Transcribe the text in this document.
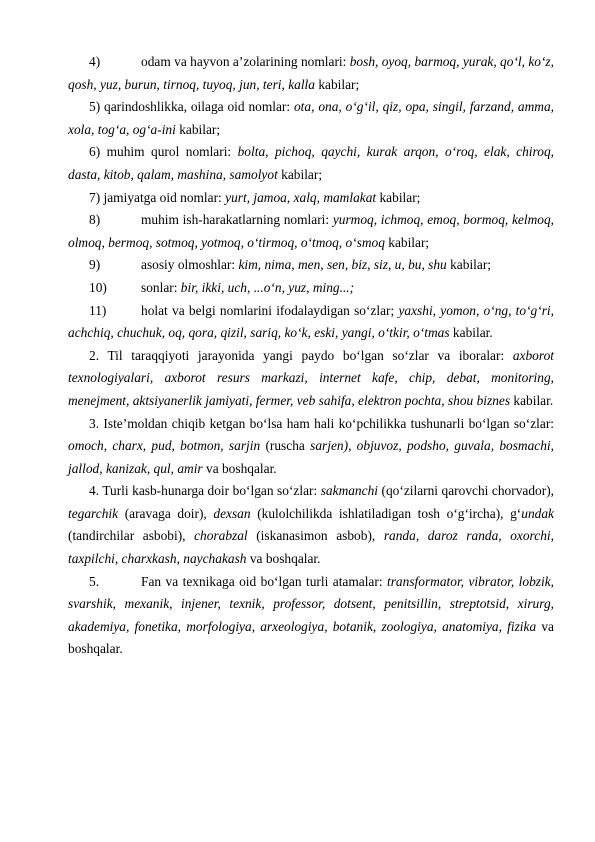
4)	odam va hayvon a’zolarining nomlari: bosh, oyoq, barmoq, yurak, qo‘l, ko‘z, qosh, yuz, burun, tirnoq, tuyoq, jun, teri, kalla kabilar;

5) qarindoshlikka, oilaga oid nomlar: ota, ona, o‘g‘il, qiz, opa, singil, farzand, amma, xola, tog‘a, og‘a-ini kabilar;

6) muhim qurol nomlari: bolta, pichoq, qaychi, kurak arqon, o‘roq, elak, chiroq, dasta, kitob, qalam, mashina, samolyot kabilar;

7) jamiyatga oid nomlar: yurt, jamoa, xalq, mamlakat kabilar;

8)	muhim ish-harakatlarning nomlari: yurmoq, ichmoq, emoq, bormoq, kelmoq, olmoq, bermoq, sotmoq, yotmoq, o‘tirmoq, o‘tmoq, o‘smoq kabilar;

9)	asosiy olmoshlar: kim, nima, men, sen, biz, siz, u, bu, shu kabilar;

10)	sonlar: bir, ikki, uch, ...o‘n, yuz, ming...;

11)	holat va belgi nomlarini ifodalaydigan so‘zlar; yaxshi, yomon, o‘ng, to‘g‘ri, achchiq, chuchuk, oq, qora, qizil, sariq, ko‘k, eski, yangi, o‘tkir, o‘tmas kabilar.

2. Til taraqqiyoti jarayonida yangi paydo bo‘lgan so‘zlar va iboralar: axborot texnologiyalari, axborot resurs markazi, internet kafe, chip, debat, monitoring, menejment, aktsiyanerlik jamiyati, fermer, veb sahifa, elektron pochta, shou biznes kabilar.

3. Iste’moldan chiqib ketgan bo‘lsa ham hali ko‘pchilikka tushunarli bo‘lgan so‘zlar: omoch, charx, pud, botmon, sarjin (ruscha sarjen), objuvoz, podsho, guvala, bosmachi, jallod, kanizak, qul, amir va boshqalar.

4. Turli kasb-hunarga doir bo‘lgan so‘zlar: sakmanchi (qo‘zilarni qarovchi chorvador), tegarchik (aravaga doir), dexsan (kulolchilikda ishlatiladigan tosh o‘g‘ircha), g‘undak (tandirchilar asbobi), chorabzal (iskanasimon asbob), randa, daroz randa, oxorchi, taxpilchi, charxkash, naychakash va boshqalar.

5.	Fan va texnikaga oid bo‘lgan turli atamalar: transformator, vibrator, lobzik, svarshik, mexanik, injener, texnik, professor, dotsent, penitsillin, streptotsid, xirurg, akademiya, fonetika, morfologiya, arxeologiya, botanik, zoologiya, anatomiya, fizika va boshqalar.
